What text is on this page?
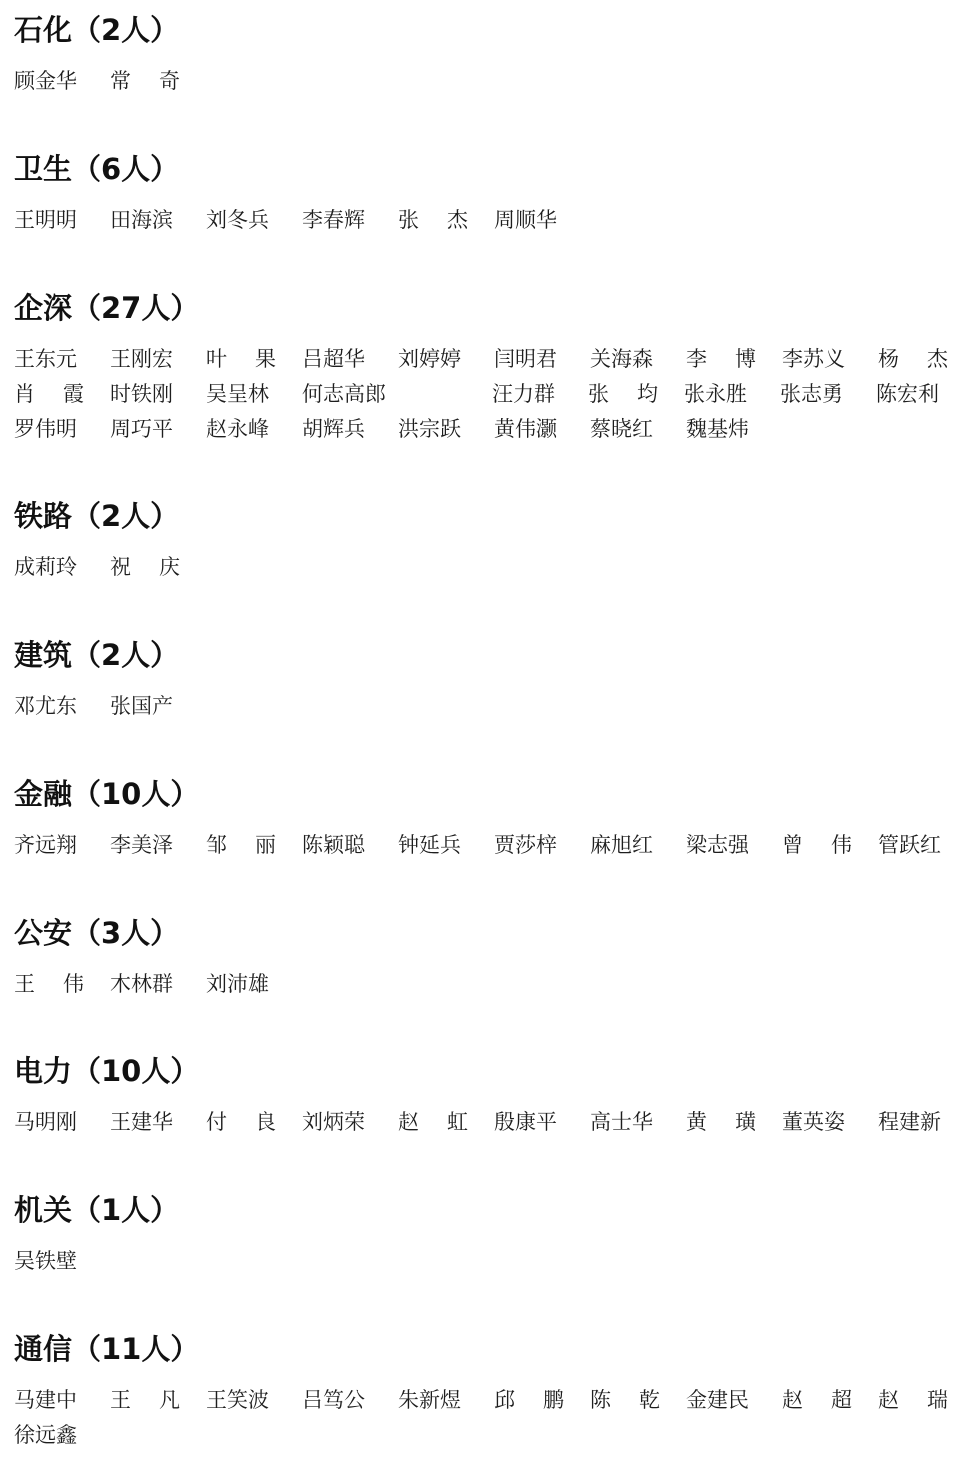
石化（2人）
顾金华 常 奇
卫生（6人）
王明明 田海滨 刘冬兵 李春辉 张 杰 周顺华
企深（27人）
王东元 王刚宏 叶 果 吕超华 刘婷婷 闫明君 关海森 李 博 李苏义 杨 杰
肖 霞 时铁刚 吴呈林 何志高郎	汪力群 张 均 张永胜 张志勇 陈宏利
罗伟明 周巧平 赵永峰 胡辉兵 洪宗跃 黄伟灏 蔡晓红 魏基炜
铁路（2人）
成莉玲 祝 庆
建筑（2人）
邓尤东 张国产
金融（10人）
齐远翔 李美泽 邹 丽 陈颖聪 钟延兵 贾莎梓 麻旭红 梁志强 曾 伟 管跃红
公安（3人）
王 伟 木林群 刘沛雄
电力（10人）
马明刚 王建华 付 良 刘炳荣 赵 虹 殷康平 高士华 黄 璜 董英姿 程建新
机关（1人）
吴铁壁
通信（11人）
马建中 王 凡 王笑波 吕笃公 朱新煜 邱 鹏 陈 乾 金建民 赵 超 赵 瑞
徐远鑫
